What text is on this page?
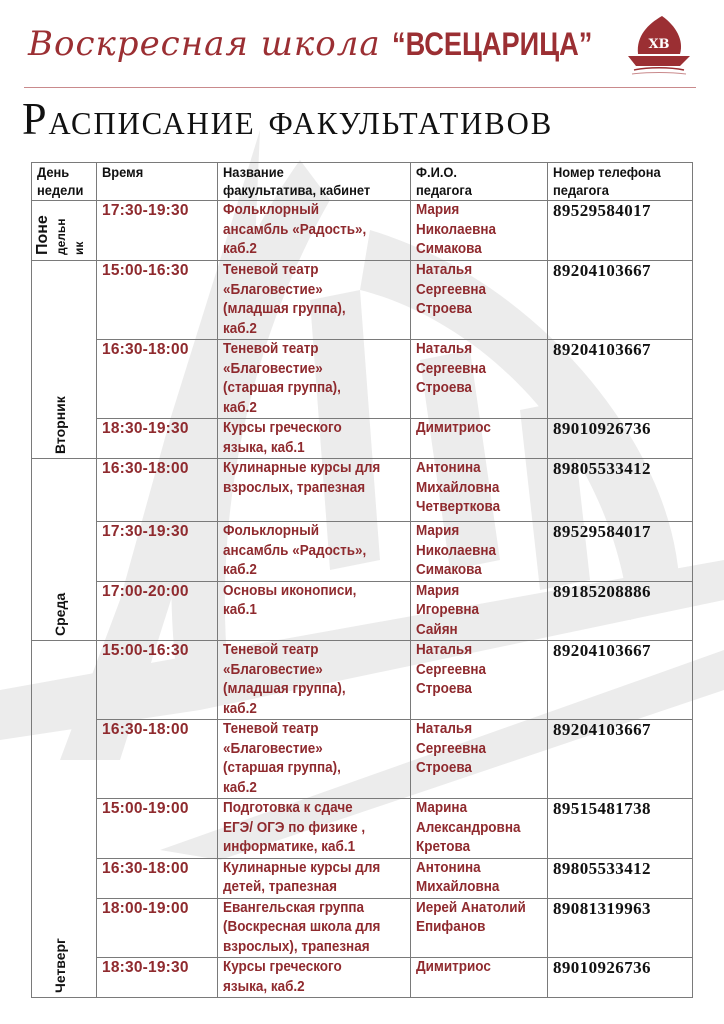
Воскресная школа “ВСЕЦАРИЦА”	ХВ
Расписание факультативов
День
недели	Время	Название
факультатива, кабинет	Ф.И.О.
педагога	Номер телефона
педагога

Поне дельн ик	17:30-19:30	Фольклорный
ансамбль «Радость»,
каб.2	Мария
Николаевна
Симакова	89529584017

Вторник	15:00-16:30	Теневой театр
«Благовестие»
(младшая группа),
каб.2	Наталья
Сергеевна
Строева	89204103667
	16:30-18:00	Теневой театр
«Благовестие»
(старшая группа),
каб.2	Наталья
Сергеевна
Строева	89204103667
	18:30-19:30	Курсы греческого
языка, каб.1	Димитриос	89010926736

Среда	16:30-18:00	Кулинарные курсы для
взрослых, трапезная	Антонина
Михайловна
Четверткова	89805533412
	17:30-19:30	Фольклорный
ансамбль «Радость»,
каб.2	Мария
Николаевна
Симакова	89529584017
	17:00-20:00	Основы иконописи,
каб.1	Мария
Игоревна
Сайян	89185208886

Четверг	15:00-16:30	Теневой театр
«Благовестие»
(младшая группа),
каб.2	Наталья
Сергеевна
Строева	89204103667
	16:30-18:00	Теневой театр
«Благовестие»
(старшая группа),
каб.2	Наталья
Сергеевна
Строева	89204103667
	15:00-19:00	Подготовка к сдаче
ЕГЭ/ ОГЭ по физике ,
информатике, каб.1	Марина
Александровна
Кретова	89515481738
	16:30-18:00	Кулинарные курсы для
детей, трапезная	Антонина
Михайловна	89805533412
	18:00-19:00	Евангельская группа
(Воскресная школа для
взрослых), трапезная	Иерей Анатолий
Епифанов	89081319963
	18:30-19:30	Курсы греческого
языка, каб.2	Димитриос	89010926736
